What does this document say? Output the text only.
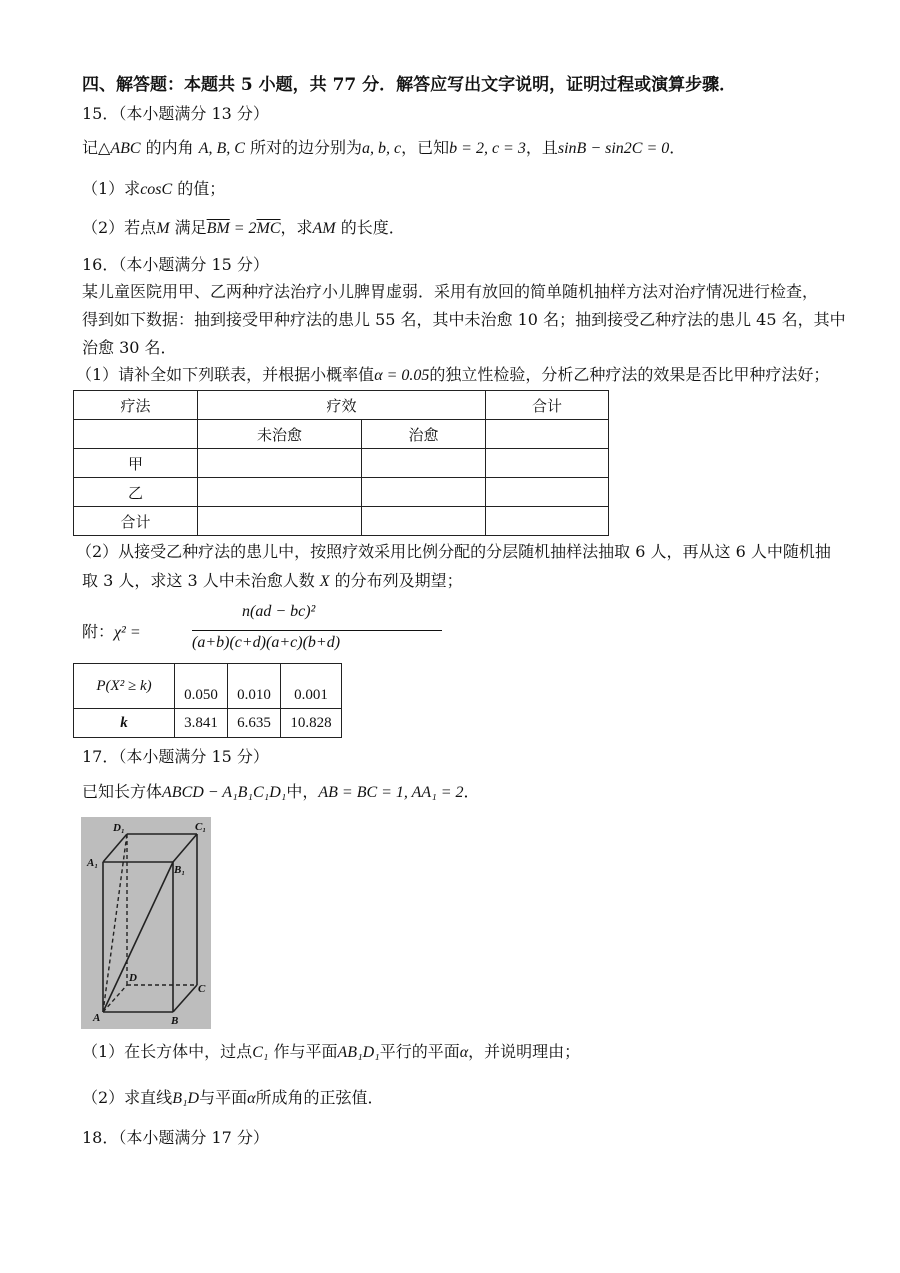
四、解答题：本题共 5 小题，共 77 分．解答应写出文字说明，证明过程或演算步骤．
15．（本小题满分 13 分）
记△ABC 的内角 A, B, C 所对的边分别为a, b, c，已知b = 2, c = 3，且sinB − sin2C = 0．
（1）求cosC 的值；
（2）若点M 满足$\overline{BM} = 2\overline{MC}$，求AM 的长度．
16．（本小题满分 15 分）
某儿童医院用甲、乙两种疗法治疗小儿脾胃虚弱．采用有放回的简单随机抽样方法对治疗情况进行检查，
得到如下数据：抽到接受甲种疗法的患儿 55 名，其中未治愈 10 名；抽到接受乙种疗法的患儿 45 名，其中
治愈 30 名．
（1）请补全如下列联表，并根据小概率值α = 0.05的独立性检验，分析乙种疗法的效果是否比甲种疗法好；
疗法	疗效		合计
	未治愈	治愈	
甲			
乙			
合计			
（2）从接受乙种疗法的患儿中，按照疗效采用比例分配的分层随机抽样法抽取 6 人，再从这 6 人中随机抽
取 3 人，求这 3 人中未治愈人数 X 的分布列及期望；
附：χ² =
n(ad − bc)²
(a+b)(c+d)(a+c)(b+d)
P(X² ≥ k)	0.050	0.010	0.001
k	3.841	6.635	10.828
17．（本小题满分 15 分）
已知长方体ABCD − A₁B₁C₁D₁中，AB = BC = 1, AA₁ = 2．
D₁	C₁
A₁
B₁
D
C
A	B
（1）在长方体中，过点C₁ 作与平面AB₁D₁平行的平面α，并说明理由；
（2）求直线B₁D与平面α所成角的正弦值．
18．（本小题满分 17 分）
